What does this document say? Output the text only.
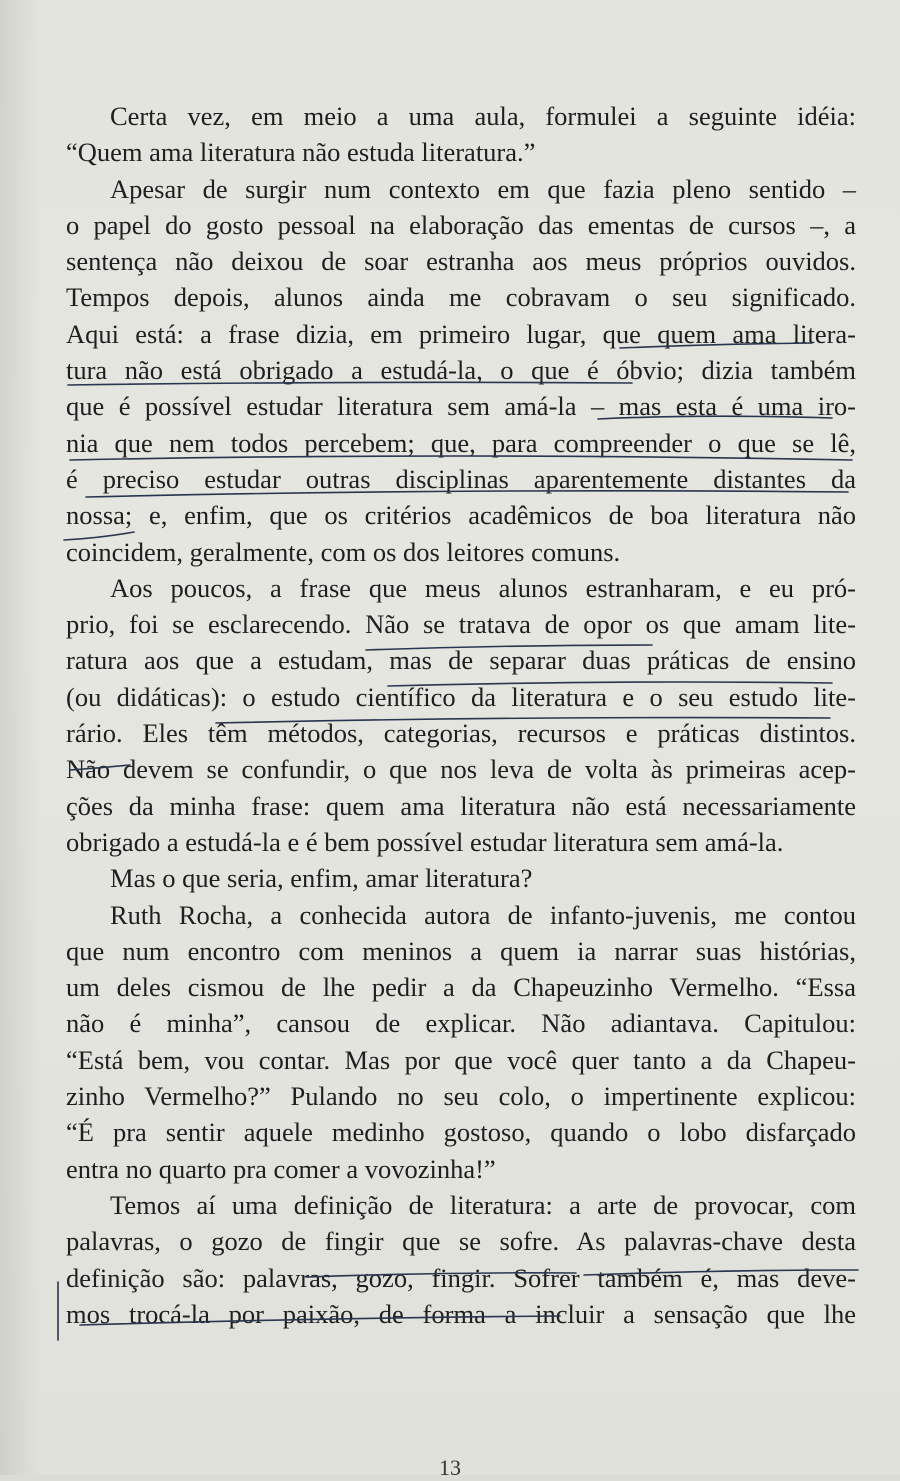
Certa vez, em meio a uma aula, formulei a seguinte idéia:
“Quem ama literatura não estuda literatura.”
Apesar de surgir num contexto em que fazia pleno sentido –
o papel do gosto pessoal na elaboração das ementas de cursos –, a
sentença não deixou de soar estranha aos meus próprios ouvidos.
Tempos depois, alunos ainda me cobravam o seu significado.
Aqui está: a frase dizia, em primeiro lugar, que quem ama litera-
tura não está obrigado a estudá-la, o que é óbvio; dizia também
que é possível estudar literatura sem amá-la – mas esta é uma iro-
nia que nem todos percebem; que, para compreender o que se lê,
é preciso estudar outras disciplinas aparentemente distantes da
nossa; e, enfim, que os critérios acadêmicos de boa literatura não
coincidem, geralmente, com os dos leitores comuns.
Aos poucos, a frase que meus alunos estranharam, e eu pró-
prio, foi se esclarecendo. Não se tratava de opor os que amam lite-
ratura aos que a estudam, mas de separar duas práticas de ensino
(ou didáticas): o estudo científico da literatura e o seu estudo lite-
rário. Eles têm métodos, categorias, recursos e práticas distintos.
Não devem se confundir, o que nos leva de volta às primeiras acep-
ções da minha frase: quem ama literatura não está necessariamente
obrigado a estudá-la e é bem possível estudar literatura sem amá-la.
Mas o que seria, enfim, amar literatura?
Ruth Rocha, a conhecida autora de infanto-juvenis, me contou
que num encontro com meninos a quem ia narrar suas histórias,
um deles cismou de lhe pedir a da Chapeuzinho Vermelho. “Essa
não é minha”, cansou de explicar. Não adiantava. Capitulou:
“Está bem, vou contar. Mas por que você quer tanto a da Chapeu-
zinho Vermelho?” Pulando no seu colo, o impertinente explicou:
“É pra sentir aquele medinho gostoso, quando o lobo disfarçado
entra no quarto pra comer a vovozinha!”
Temos aí uma definição de literatura: a arte de provocar, com
palavras, o gozo de fingir que se sofre. As palavras-chave desta
definição são: palavras, gozo, fingir. Sofrer também é, mas deve-
mos trocá-la por paixão, de forma a incluir a sensação que lhe
13
